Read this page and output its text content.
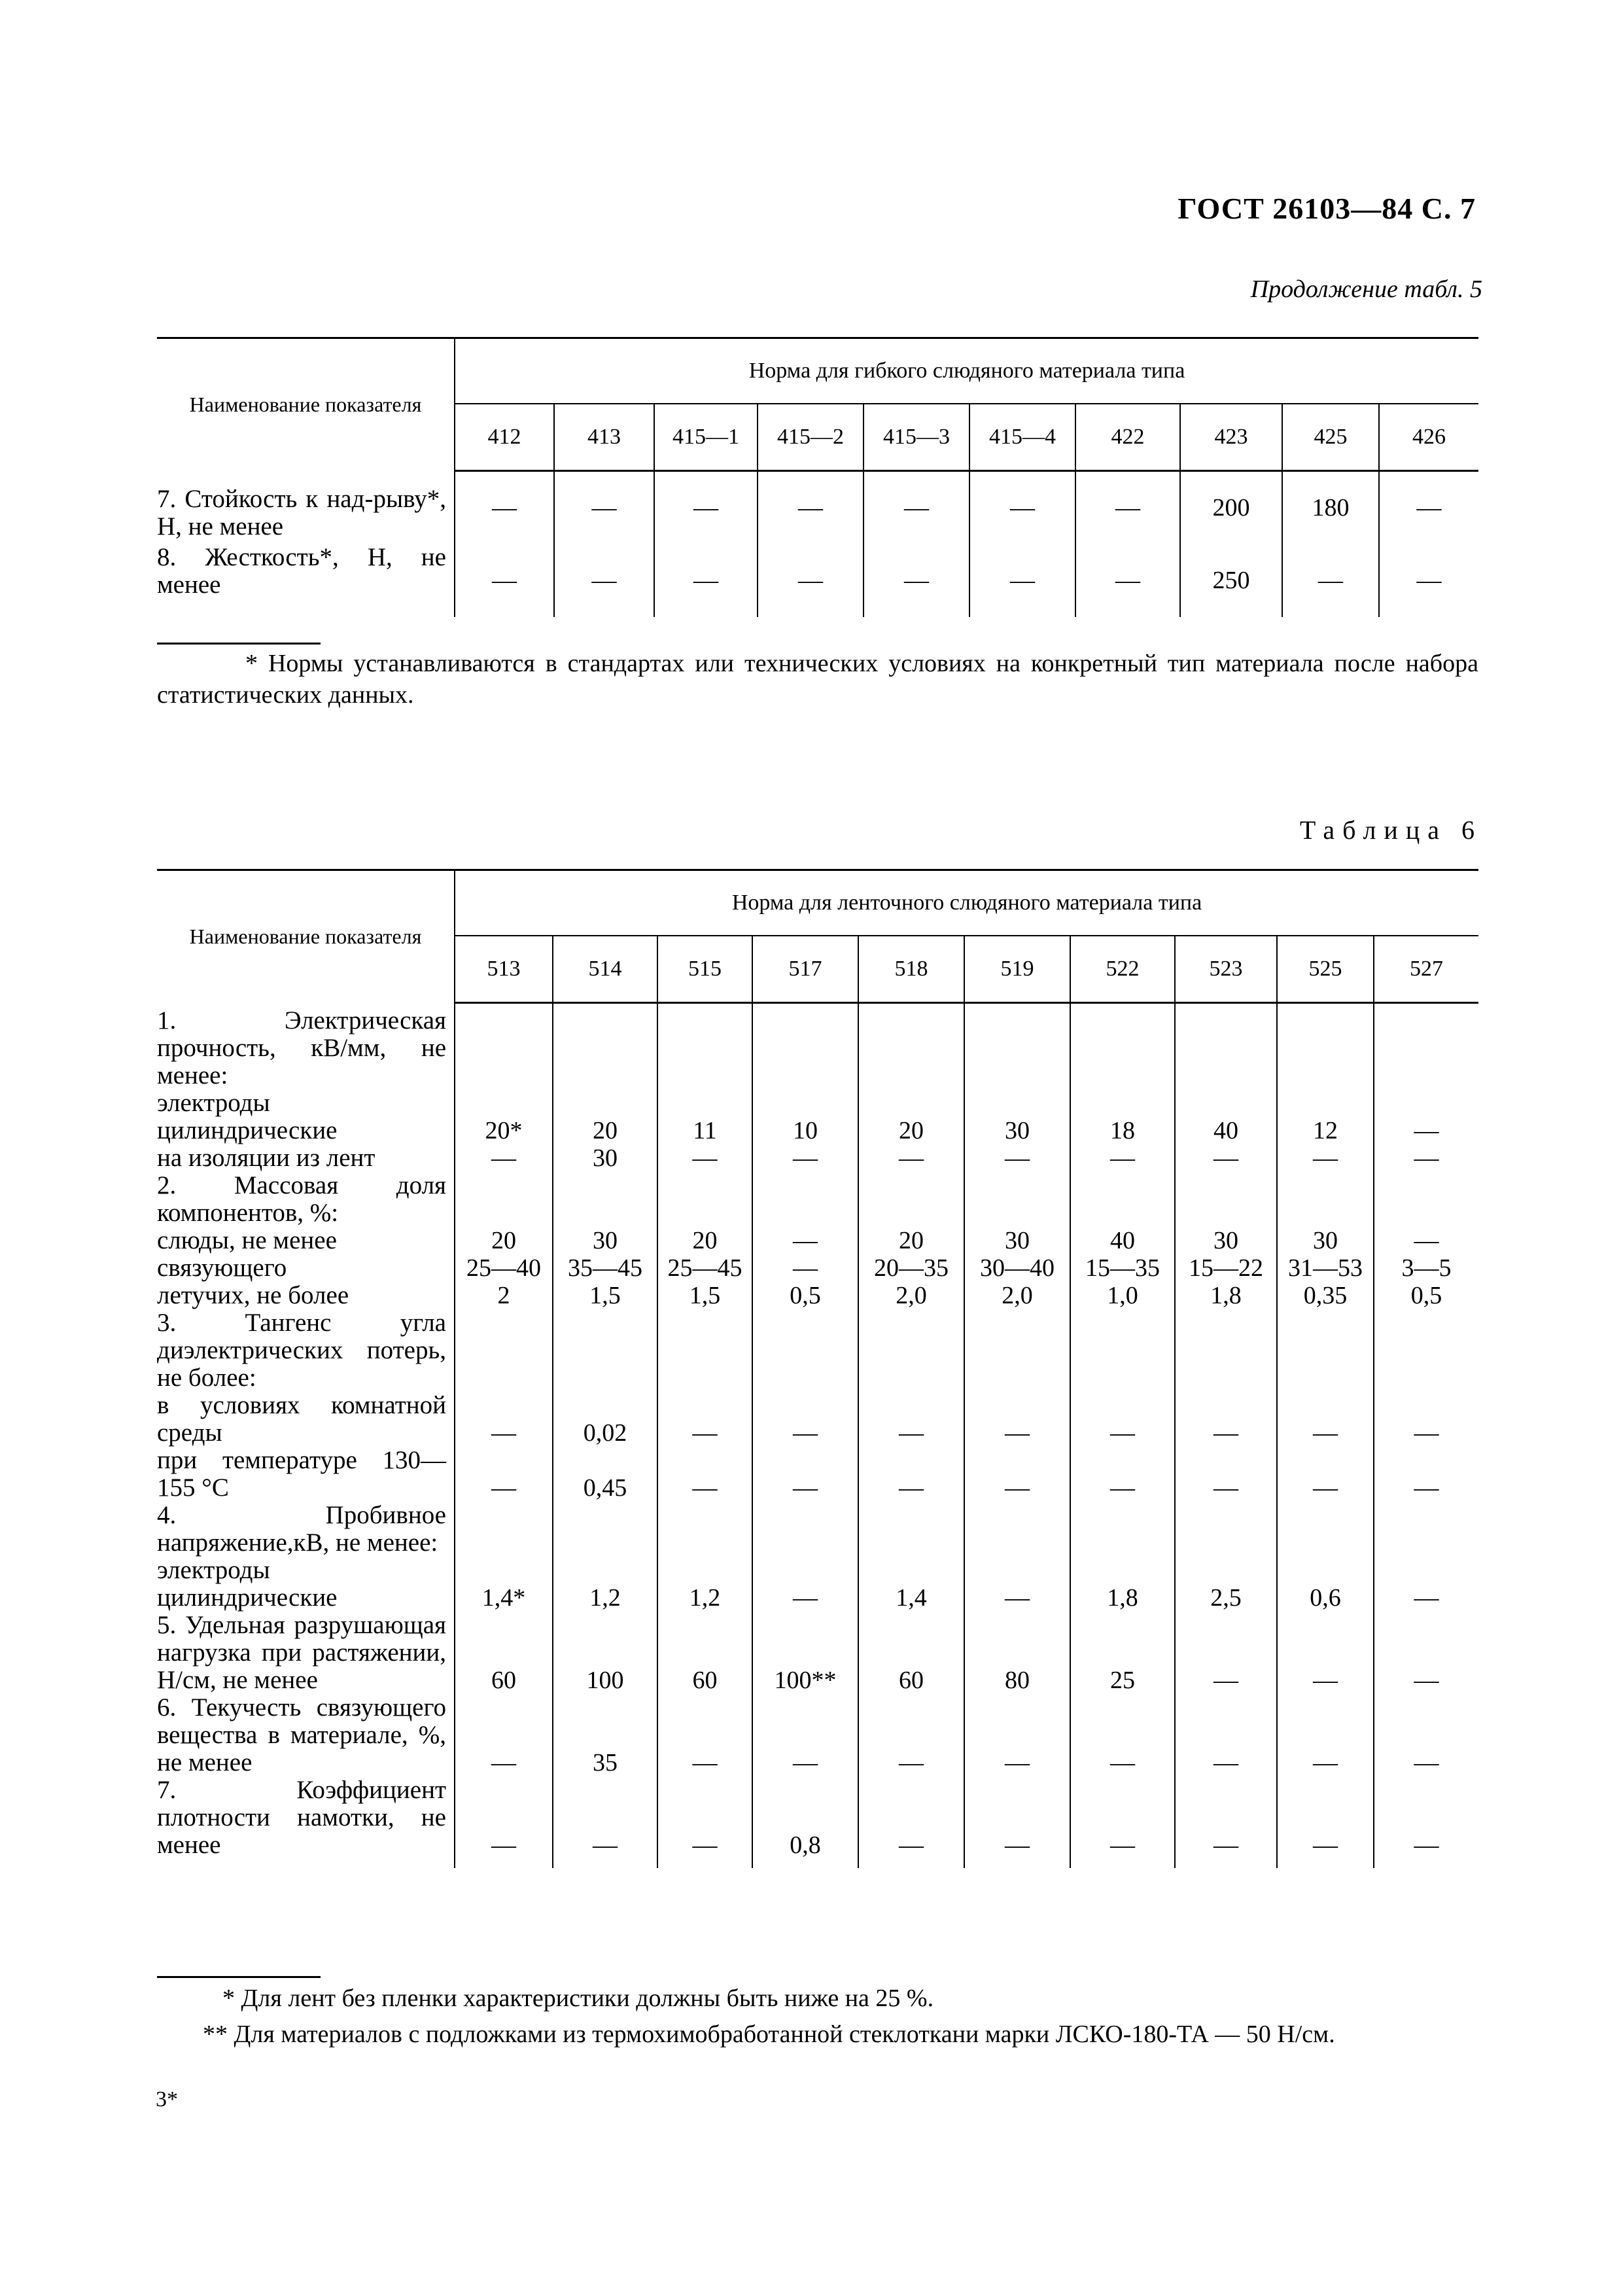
ГОСТ 26103—84 С. 7
Продолжение табл. 5
Наименование показателя	Норма для гибкого слюдяного материала типа									
	412	413	415—1	415—2	415—3	415—4	422	423	425	426
7. Стойкость к над-рыву*, Н, не менее	—	—	—	—	—	—	—	200	180	—
8. Жесткость*, Н, не менее	—	—	—	—	—	—	—	250	—	—
* Нормы устанавливаются в стандартах или технических условиях на конкретный тип материала после набора статистических данных.
Таблица 6
Наименование показателя	Норма для ленточного слюдяного материала типа									
	513	514	515	517	518	519	522	523	525	527
1. Электрическая прочность, кВ/мм, не менее:										
электроды цилиндрические	20*	20	11	10	20	30	18	40	12	—
на изоляции из лент	—	30	—	—	—	—	—	—	—	—
2. Массовая доля компонентов, %:										
слюды, не менее	20	30	20	—	20	30	40	30	30	—
связующего	25—40	35—45	25—45	—	20—35	30—40	15—35	15—22	31—53	3—5
летучих, не более	2	1,5	1,5	0,5	2,0	2,0	1,0	1,8	0,35	0,5
3. Тангенс угла диэлектрических потерь, не более:										
в условиях комнатной среды	—	0,02	—	—	—	—	—	—	—	—
при температуре 130—155 °С	—	0,45	—	—	—	—	—	—	—	—
4. Пробивное напряжение,кВ, не менее:										
электроды цилиндрические	1,4*	1,2	1,2	—	1,4	—	1,8	2,5	0,6	—
5. Удельная разрушающая нагрузка при растяжении, Н/см, не менее	60	100	60	100**	60	80	25	—	—	—
6. Текучесть связующего вещества в материале, %, не менее	—	35	—	—	—	—	—	—	—	—
7. Коэффициент плотности намотки, не менее	—	—	—	0,8	—	—	—	—	—	—
* Для лент без пленки характеристики должны быть ниже на 25 %.
** Для материалов с подложками из термохимобработанной стеклоткани марки ЛСКО-180-ТА — 50 Н/см.
3*
